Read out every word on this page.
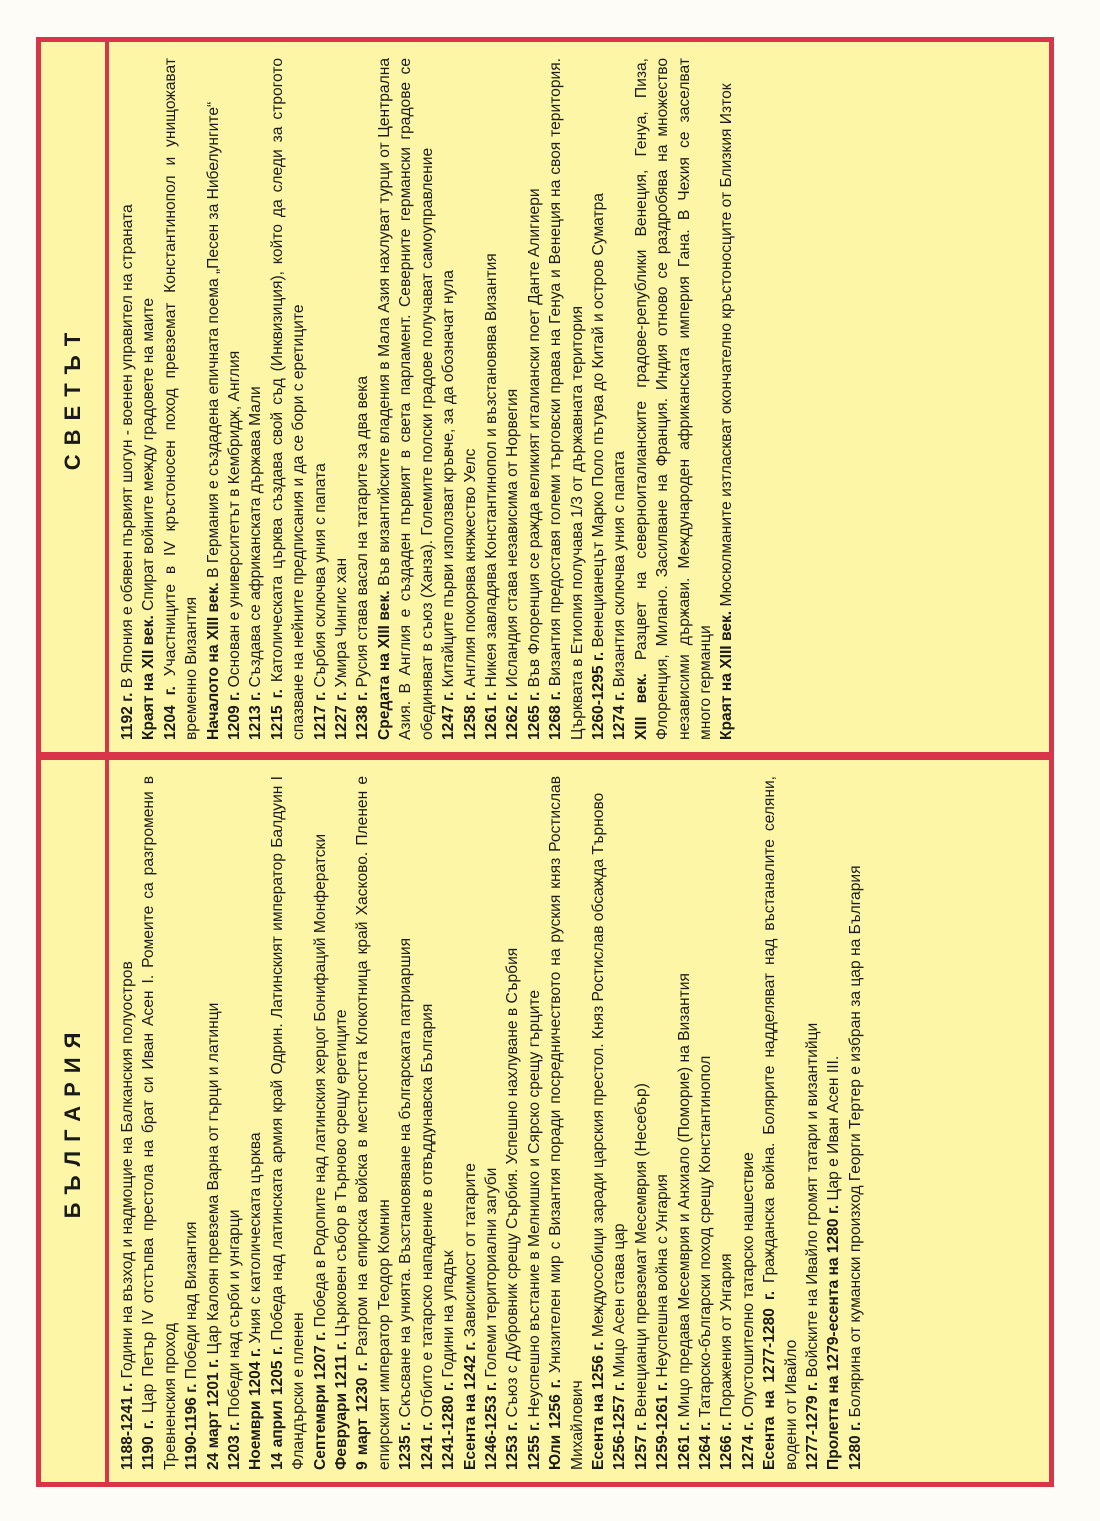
БЪЛГАРИЯ

1188-1241 г. Години на възход и надмощие на Балканския полуостров

1190 г. Цар Петър IV отстъпва престола на брат си Иван Асен I. Ромеите са разгромени в Тревненския проход 1190-1196 г. Победи над Византия

24 март 1201 г. Цар Калоян превзема Варна от гърци и латинци

1203 г. Победи над сърби и унгарци Ноември 1204 г. Уния с католическата църква

14 април 1205 г. Победа над латинската армия край Одрин. Латинският император Балдуин I Фландърски е пленен Септември 1207 г. Победа в Родопите над латинския херцог Бонифаций Монфератски

Февруари 1211 г. Църковен събор в Търново срещу еретиците

9 март 1230 г. Разгром на епирска войска в местността Клокотница край Хасково. Пленен е епирският император Теодор Комнин 1235 г. Скъсване на унията. Възстановяване на българската патриаршия

1241 г. Отбито е татарско нападение в отвъддунавска България

1241-1280 г. Години на упадък

Есента на 1242 г. Зависимост от татарите

1246-1253 г. Големи териториални загуби

1253 г. Съюз с Дубровник срещу Сърбия. Успешно нахлуване в Сърбия

1255 г. Неуспешно въстание в Мелнишко и Сярско срещу гърците

Юли 1256 г. Унизителен мир с Византия поради посредничеството на руския княз Ростислав Михайлович Есента на 1256 г. Междуособици заради царския престол. Княз Ростислав обсажда Търново

1256-1257 г. Мицо Асен става цар

1257 г. Венецианци превземат Месемврия (Несебър)

1259-1261 г. Неуспешна война с Унгария

1261 г. Мицо предава Месемврия и Анхиало (Поморие) на Византия

1264 г. Татарско-български поход срещу Константинопол

1266 г. Поражения от Унгария

1274 г. Опустошително татарско нашествие Есента на 1277-1280 г. Гражданска война. Болярите надделяват над въстаналите селяни, водени от Ивайло 1277-1279 г. Войските на Ивайло громят татари и византийци Пролетта на 1279-есента на 1280 г. Цар е Иван Асен III.

1280 г. Болярина от кумански произход Георги Тертер е избран за цар на България

СВЕТЪТ

1192 г. В Япония е обявен първият шогун - военен управител на страната Краят на XII век. Спират войните между градовете на маите

1204 г. Участниците в IV кръстоносен поход превземат Константинопол и унищожават временно Византия Началото на XIII век. В Германия е създадена епичната поема „Песен за Нибелунгите“

1209 г. Основан е университетът в Кембридж, Англия

1213 г. Създава се африканската държава Мали

1215 г. Католическата църква създава свой съд (Инквизиция), който да следи за строгото спазване на нейните предписания и да се бори с еретиците 1217 г. Сърбия сключва уния с папата

1227 г. Умира Чингис хан

1238 г. Русия става васал на татарите за два века Средата на XIII век. Във византийските владения в Мала Азия нахлуват турци от Централна Азия. В Англия е създаден първият в света парламент. Северните германски градове се обединяват в съюз (Ханза). Големите полски градове получават самоуправление 1247 г. Китайците първи използват кръвче, за да обозначат нула

1258 г. Англия покорява княжество Уелс

1261 г. Никея завладява Константинопол и възстановява Византия

1262 г. Исландия става независима от Норвегия

1265 г. Във Флоренция се ражда великият италиански поет Данте Алигиери

1268 г. Византия предоставя големи търговски права на Генуа и Венеция на своя територия. Църквата в Етиопия получава 1/3 от държавната територия 1260-1295 г. Венецианецът Марко Поло пътува до Китай и остров Суматра

1274 г. Византия сключва уния с папата

XIII век. Разцвет на северноиталианските градове-републики Венеция, Генуа, Пиза, Флоренция, Милано. Засилване на Франция. Индия отново се раздробява на множество независими държави. Международен африканската империя Гана. В Чехия се заселват много германци Краят на XIII век. Мюсюлманите изтласкват окончателно кръстоносците от Близкия Изток
